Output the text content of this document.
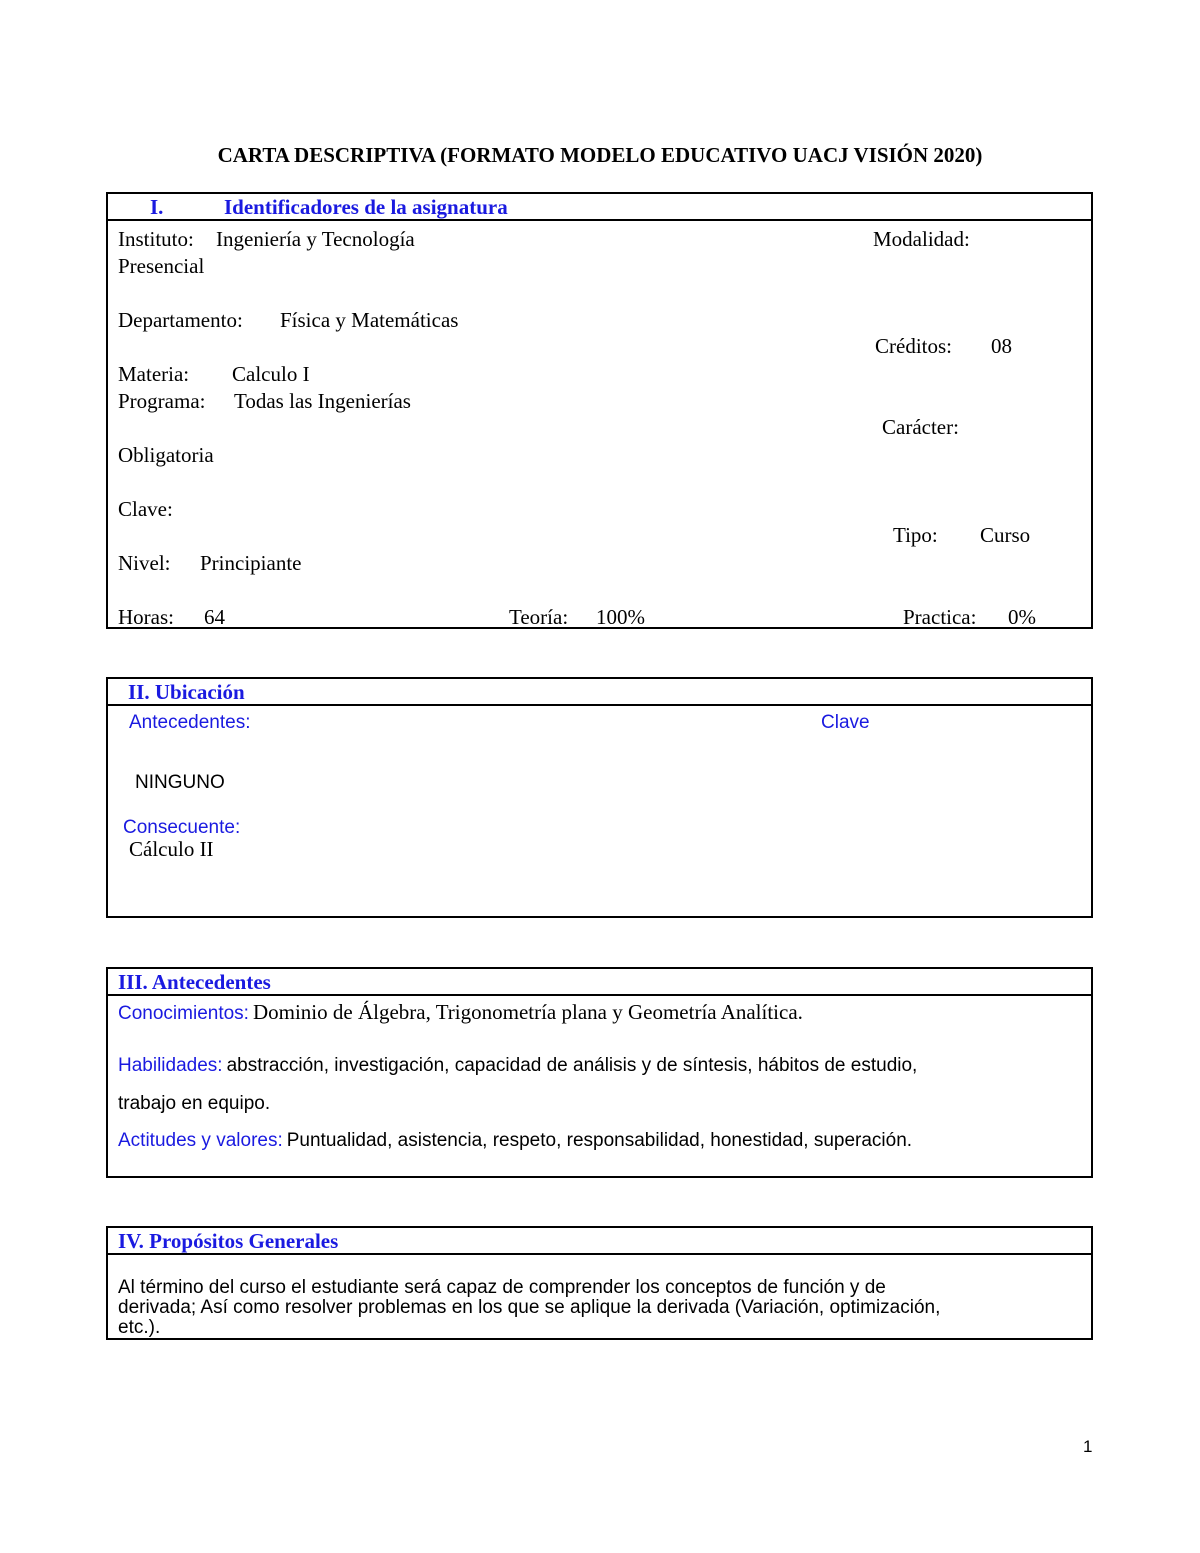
CARTA DESCRIPTIVA (FORMATO MODELO EDUCATIVO UACJ VISIÓN 2020)
I.	Identificadores de la asignatura
Instituto: Ingeniería y Tecnología	Modalidad:
Presencial
Departamento: Física y Matemáticas
Créditos: 08
Materia: Calculo I
Programa: Todas las Ingenierías
Carácter:
Obligatoria
Clave:
Tipo: Curso
Nivel: Principiante
Horas: 64	Teoría: 100%	Practica: 0%
II. Ubicación
Antecedentes:	Clave
NINGUNO
Consecuente:
Cálculo II
III. Antecedentes
Conocimientos: Dominio de Álgebra, Trigonometría plana y Geometría Analítica.
Habilidades: abstracción, investigación, capacidad de análisis y de síntesis, hábitos de estudio,
trabajo en equipo.
Actitudes y valores: Puntualidad, asistencia, respeto, responsabilidad, honestidad, superación.
IV. Propósitos Generales
Al término del curso el estudiante será capaz de comprender los conceptos de función y de
derivada; Así como resolver problemas en los que se aplique la derivada (Variación, optimización,
etc.).
1
